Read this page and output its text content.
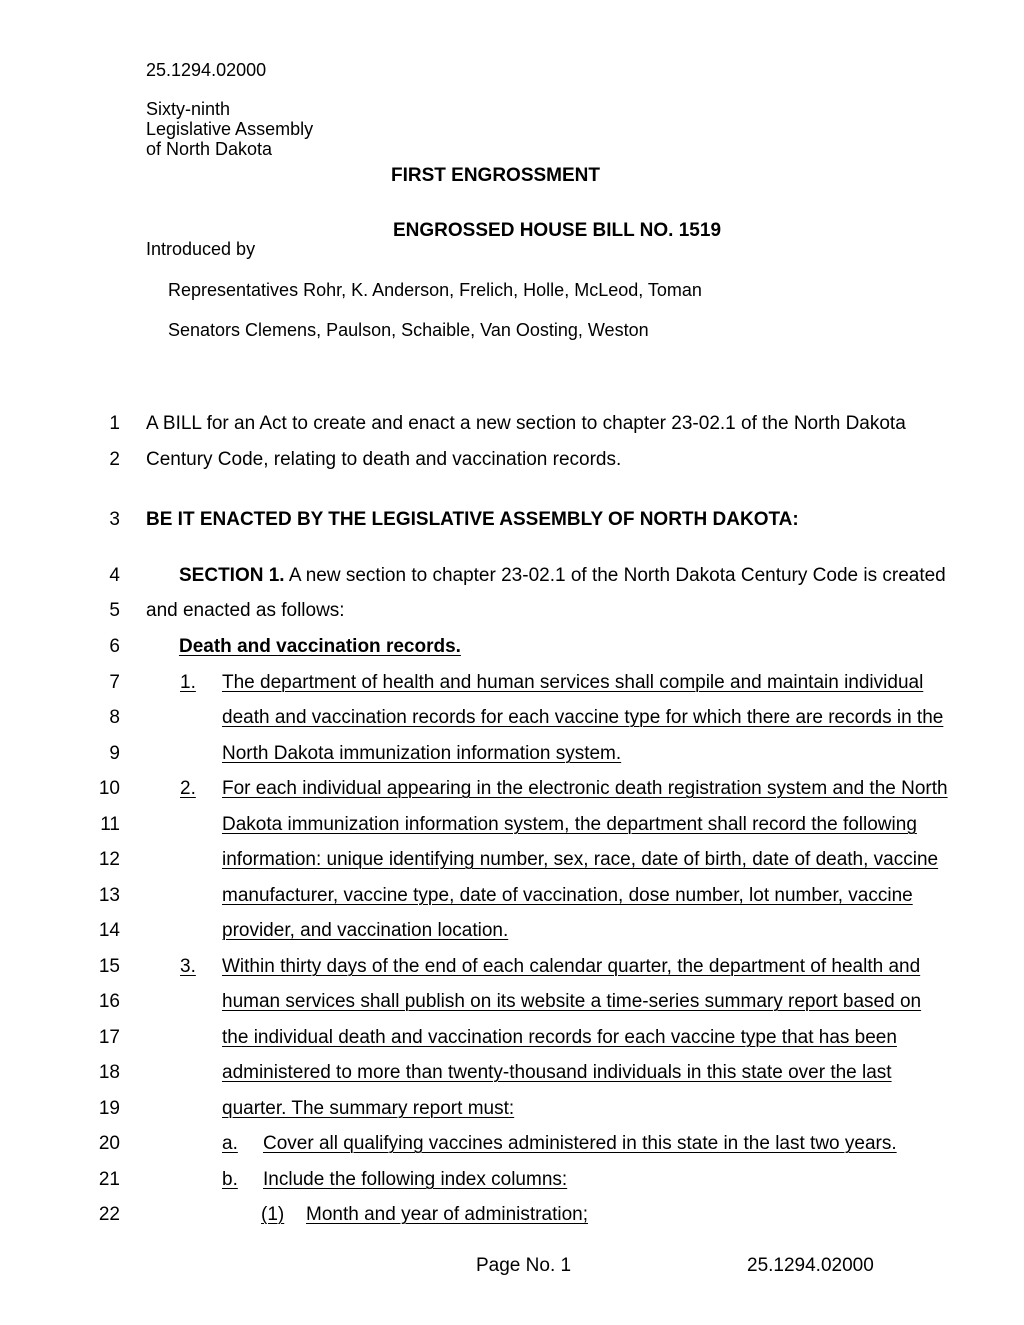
25.1294.02000
Sixty-ninth
Legislative Assembly
of North Dakota
FIRST ENGROSSMENT
ENGROSSED HOUSE BILL NO. 1519
Introduced by
Representatives Rohr, K. Anderson, Frelich, Holle, McLeod, Toman
Senators Clemens, Paulson, Schaible, Van Oosting, Weston
1
2
3
4
5
6
7
8
9
10
11
12
13
14
15
16
17
18
19
20
21
22
A BILL for an Act to create and enact a new section to chapter 23-02.1 of the North Dakota
Century Code, relating to death and vaccination records.
BE IT ENACTED BY THE LEGISLATIVE ASSEMBLY OF NORTH DAKOTA:
SECTION 1. A new section to chapter 23-02.1 of the North Dakota Century Code is created
and enacted as follows:
Death and vaccination records.
1. The department of health and human services shall compile and maintain individual
death and vaccination records for each vaccine type for which there are records in the
North Dakota immunization information system.
2. For each individual appearing in the electronic death registration system and the North
Dakota immunization information system, the department shall record the following
information: unique identifying number, sex, race, date of birth, date of death, vaccine
manufacturer, vaccine type, date of vaccination, dose number, lot number, vaccine
provider, and vaccination location.
3. Within thirty days of the end of each calendar quarter, the department of health and
human services shall publish on its website a time-series summary report based on
the individual death and vaccination records for each vaccine type that has been
administered to more than twenty-thousand individuals in this state over the last
quarter. The summary report must:
a. Cover all qualifying vaccines administered in this state in the last two years.
b. Include the following index columns:
(1) Month and year of administration;
Page No. 1	25.1294.02000
